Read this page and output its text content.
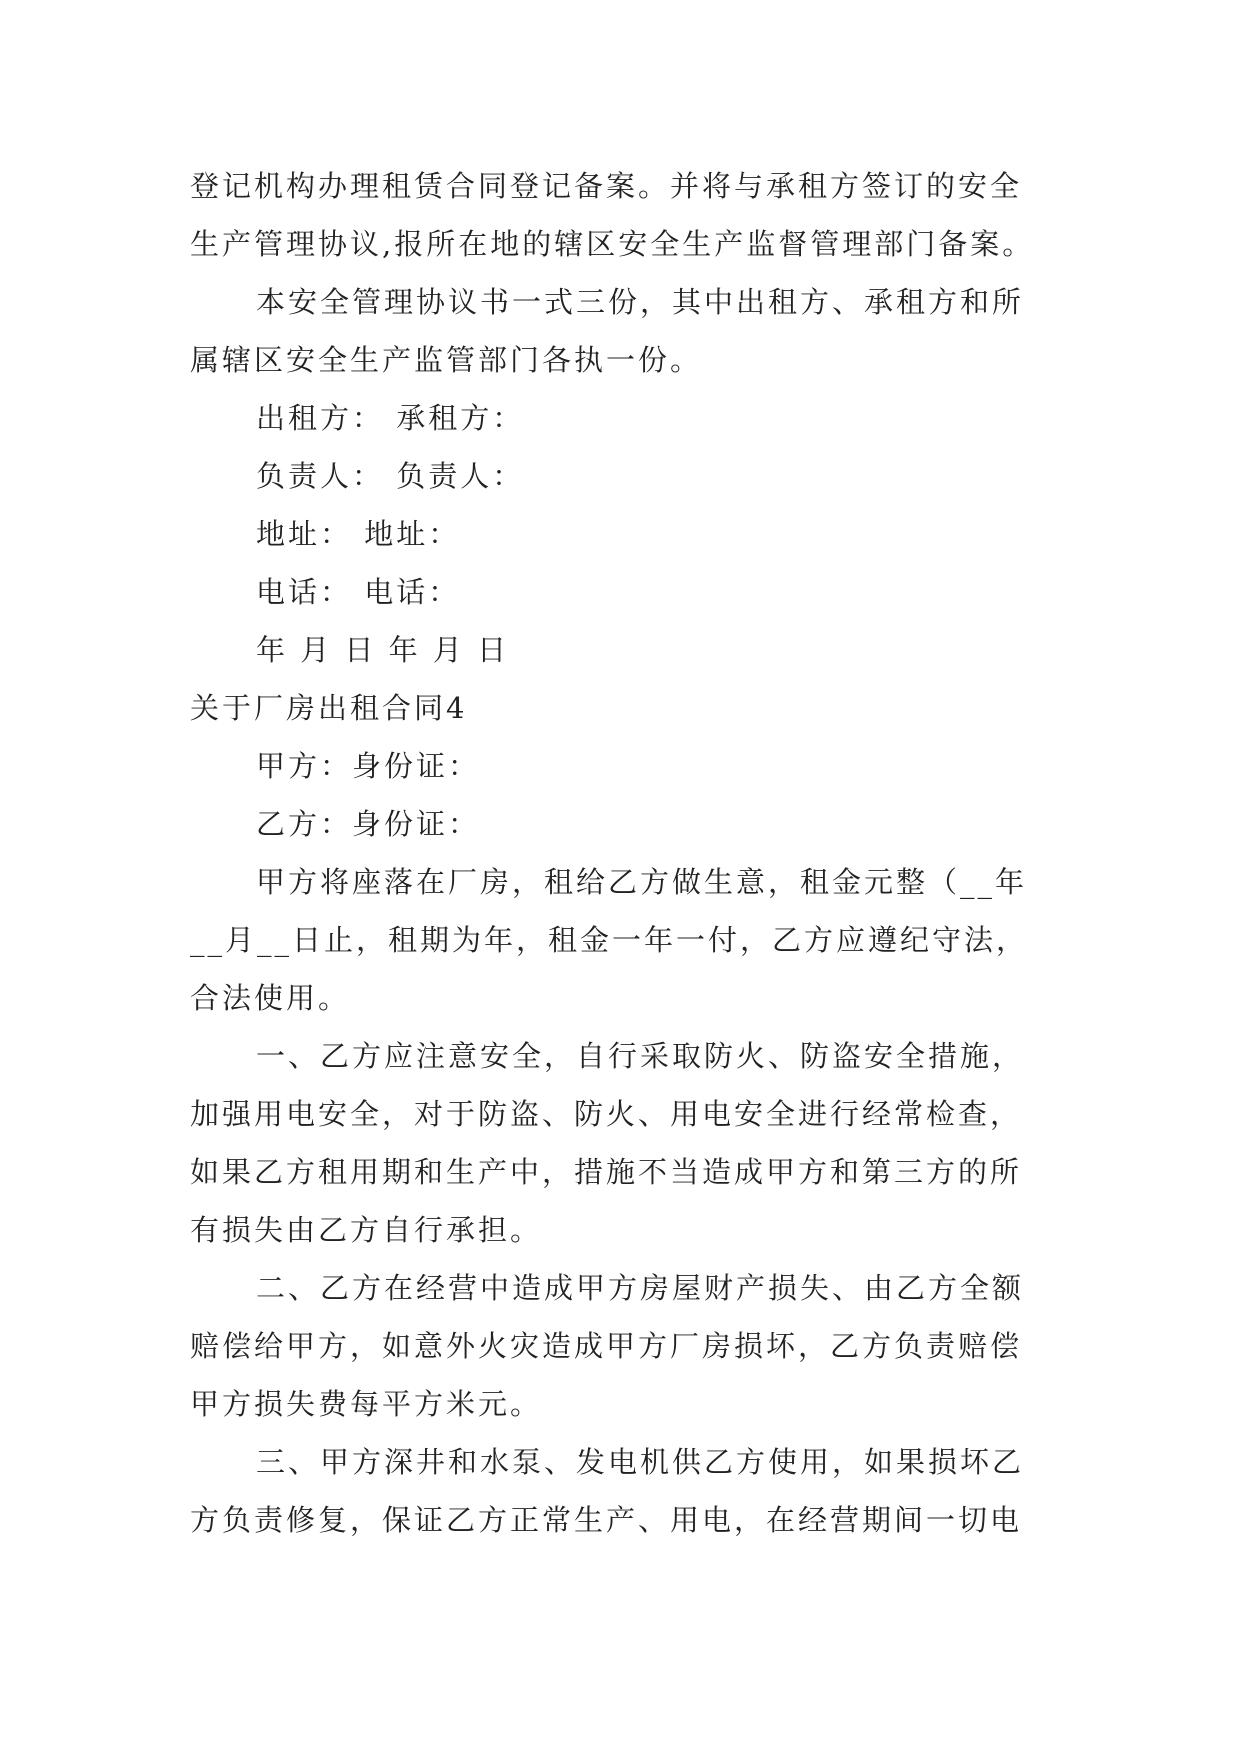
登记机构办理租赁合同登记备案。并将与承租方签订的安全
生产管理协议,报所在地的辖区安全生产监督管理部门备案。
本安全管理协议书一式三份，其中出租方、承租方和所
属辖区安全生产监管部门各执一份。
出租方： 承租方：
负责人： 负责人：
地址： 地址：
电话： 电话：
年 月 日 年 月 日
关于厂房出租合同4
甲方：身份证：
乙方：身份证：
甲方将座落在厂房，租给乙方做生意，租金元整（__年
__月__日止，租期为年，租金一年一付，乙方应遵纪守法，
合法使用。
一、乙方应注意安全，自行采取防火、防盗安全措施，
加强用电安全，对于防盗、防火、用电安全进行经常检查，
如果乙方租用期和生产中，措施不当造成甲方和第三方的所
有损失由乙方自行承担。
二、乙方在经营中造成甲方房屋财产损失、由乙方全额
赔偿给甲方，如意外火灾造成甲方厂房损坏，乙方负责赔偿
甲方损失费每平方米元。
三、甲方深井和水泵、发电机供乙方使用，如果损坏乙
方负责修复，保证乙方正常生产、用电，在经营期间一切电
